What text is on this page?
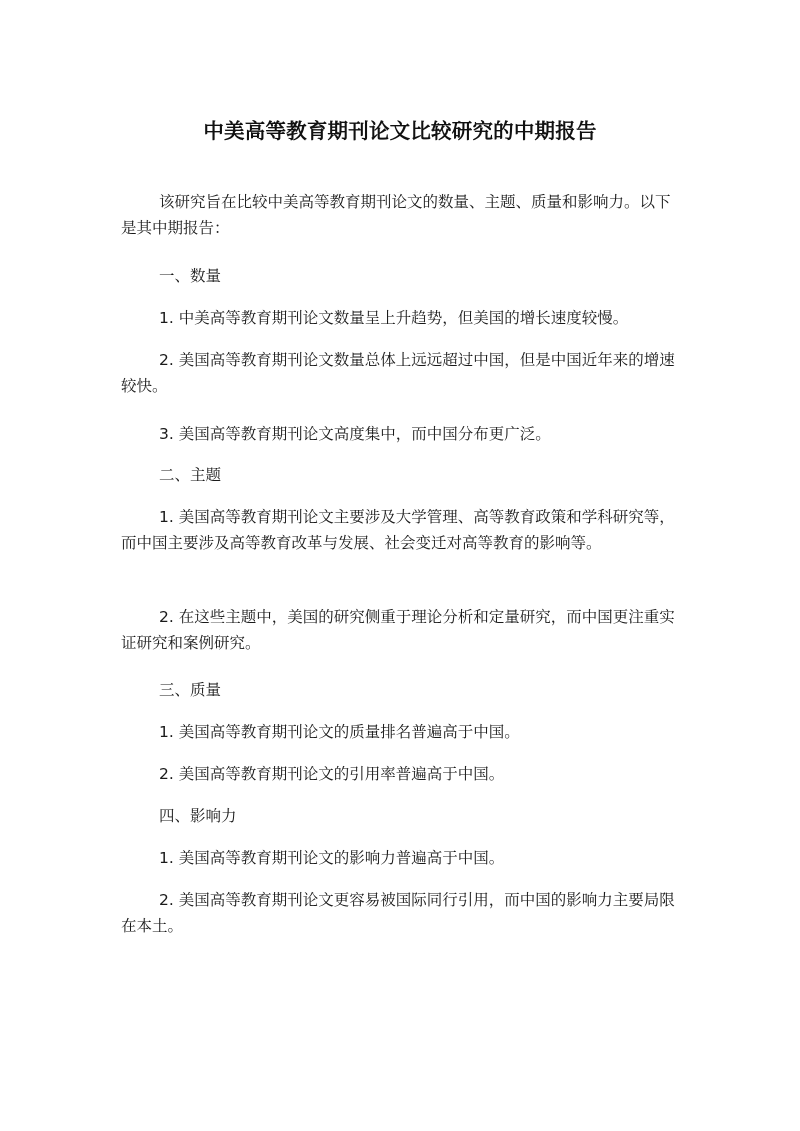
中美高等教育期刊论文比较研究的中期报告

该研究旨在比较中美高等教育期刊论文的数量、主题、质量和影响力。以下是其中期报告：

一、数量

1. 中美高等教育期刊论文数量呈上升趋势，但美国的增长速度较慢。

2. 美国高等教育期刊论文数量总体上远远超过中国，但是中国近年来的增速较快。

3. 美国高等教育期刊论文高度集中，而中国分布更广泛。

二、主题

1. 美国高等教育期刊论文主要涉及大学管理、高等教育政策和学科研究等，而中国主要涉及高等教育改革与发展、社会变迁对高等教育的影响等。

2. 在这些主题中，美国的研究侧重于理论分析和定量研究，而中国更注重实证研究和案例研究。

三、质量

1. 美国高等教育期刊论文的质量排名普遍高于中国。

2. 美国高等教育期刊论文的引用率普遍高于中国。

四、影响力

1. 美国高等教育期刊论文的影响力普遍高于中国。

2. 美国高等教育期刊论文更容易被国际同行引用，而中国的影响力主要局限在本土。
